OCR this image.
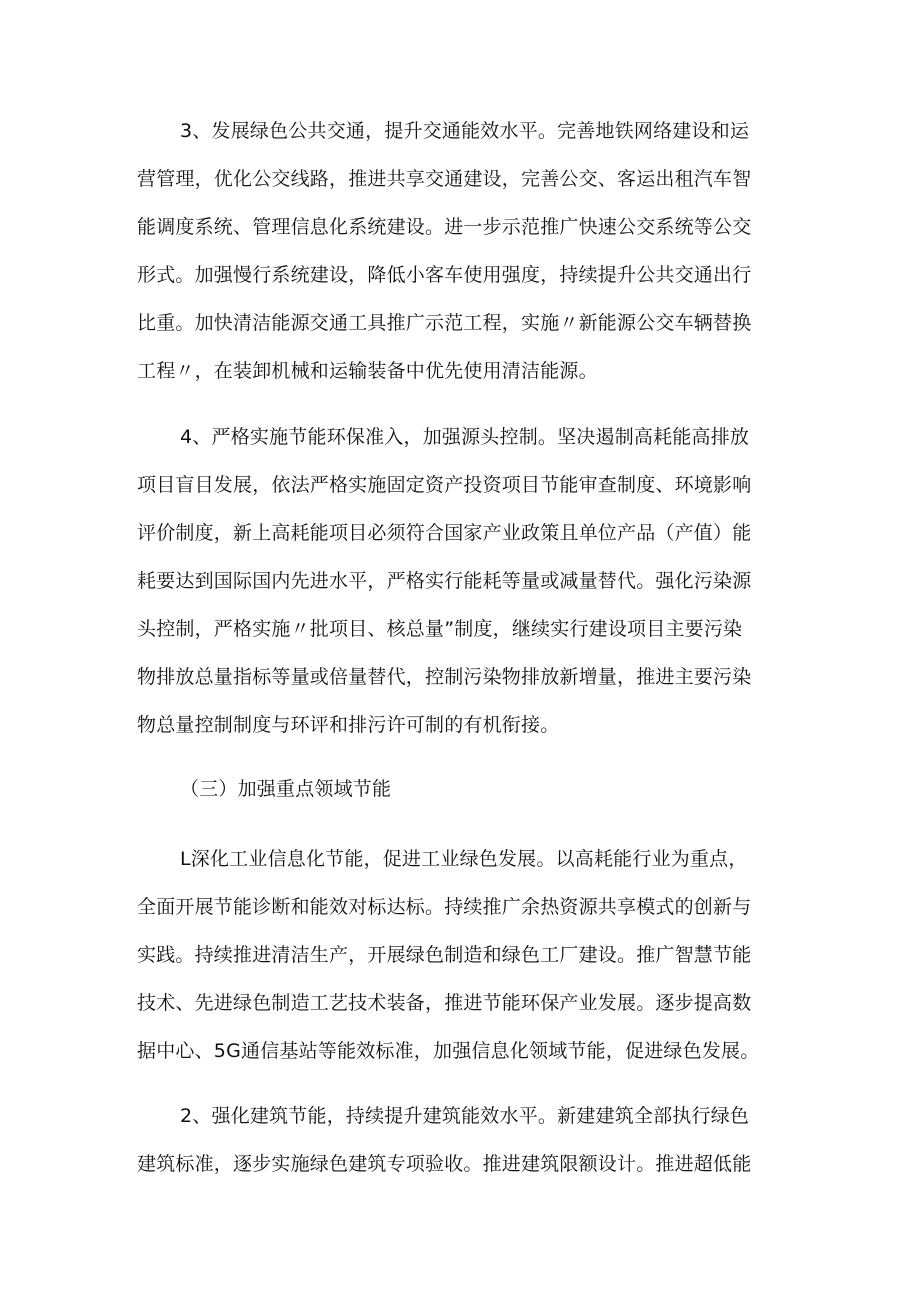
3、发展绿色公共交通，提升交通能效水平。完善地铁网络建设和运

营管理，优化公交线路，推进共享交通建设，完善公交、客运出租汽车智

能调度系统、管理信息化系统建设。进一步示范推广快速公交系统等公交

形式。加强慢行系统建设，降低小客车使用强度，持续提升公共交通出行

比重。加快清洁能源交通工具推广示范工程，实施〃新能源公交车辆替换

工程〃，在装卸机械和运输装备中优先使用清洁能源。

4、严格实施节能环保准入，加强源头控制。坚决遏制高耗能高排放

项目盲目发展，依法严格实施固定资产投资项目节能审查制度、环境影响

评价制度，新上高耗能项目必须符合国家产业政策且单位产品（产值）能

耗要达到国际国内先进水平，严格实行能耗等量或减量替代。强化污染源

头控制，严格实施〃批项目、核总量”制度，继续实行建设项目主要污染

物排放总量指标等量或倍量替代，控制污染物排放新增量，推进主要污染

物总量控制制度与环评和排污许可制的有机衔接。

（三）加强重点领域节能

L深化工业信息化节能，促进工业绿色发展。以高耗能行业为重点，

全面开展节能诊断和能效对标达标。持续推广余热资源共享模式的创新与

实践。持续推进清洁生产，开展绿色制造和绿色工厂建设。推广智慧节能

技术、先进绿色制造工艺技术装备，推进节能环保产业发展。逐步提高数

据中心、5G通信基站等能效标准，加强信息化领域节能，促进绿色发展。

2、强化建筑节能，持续提升建筑能效水平。新建建筑全部执行绿色

建筑标准，逐步实施绿色建筑专项验收。推进建筑限额设计。推进超低能
